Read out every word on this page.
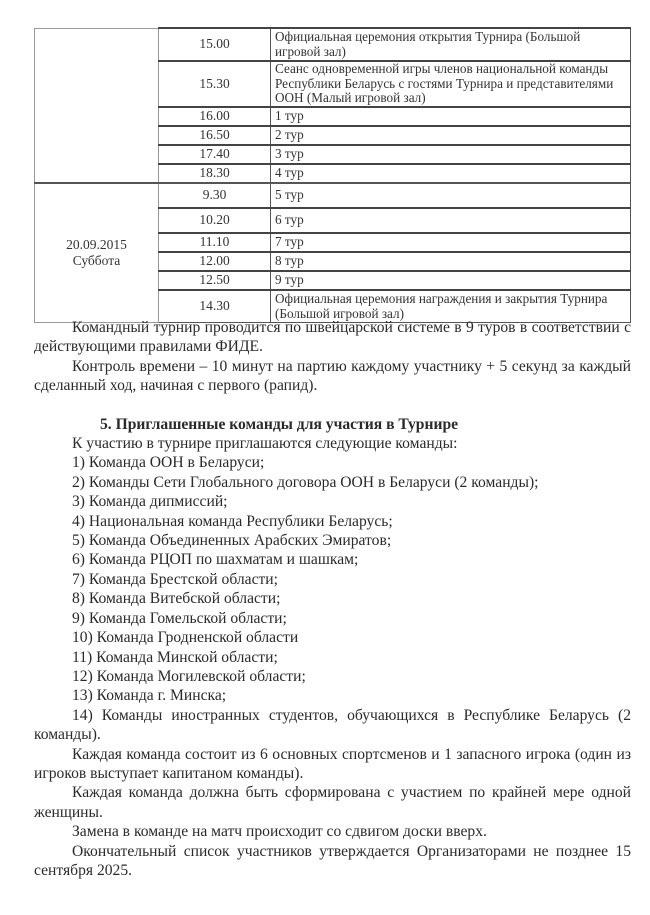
	15.00	Официальная церемония открытия Турнира (Большой игровой зал)
	15.30	Сеанс одновременной игры членов национальной команды Республики Беларусь с гостями Турнира и представителями ООН (Малый игровой зал)
	16.00	1 тур
	16.50	2 тур
	17.40	3 тур
	18.30	4 тур

20.09.2015
Суббота	9.30	5 тур
	10.20	6 тур
	11.10	7 тур
	12.00	8 тур
	12.50	9 тур
	14.30	Официальная церемония награждения и закрытия Турнира (Большой игровой зал)

Командный турнир проводится по швейцарской системе в 9 туров в соответствии с действующими правилами ФИДЕ.

Контроль времени – 10 минут на партию каждому участнику + 5 секунд за каждый сделанный ход, начиная с первого (рапид).

5. Приглашенные команды для участия в Турнире

К участию в турнире приглашаются следующие команды:

1) Команда ООН в Беларуси;

2) Команды Сети Глобального договора ООН в Беларуси (2 команды);

3) Команда дипмиссий;

4) Национальная команда Республики Беларусь;

5) Команда Объединенных Арабских Эмиратов;

6) Команда РЦОП по шахматам и шашкам;

7) Команда Брестской области;

8) Команда Витебской области;

9) Команда Гомельской области;

10) Команда Гродненской области

11) Команда Минской области;

12) Команда Могилевской области;

13) Команда г. Минска;

14) Команды иностранных студентов, обучающихся в Республике Беларусь (2 команды).

Каждая команда состоит из 6 основных спортсменов и 1 запасного игрока (один из игроков выступает капитаном команды).

Каждая команда должна быть сформирована с участием по крайней мере одной женщины.

Замена в команде на матч происходит со сдвигом доски вверх.

Окончательный список участников утверждается Организаторами не позднее 15 сентября 2025.
